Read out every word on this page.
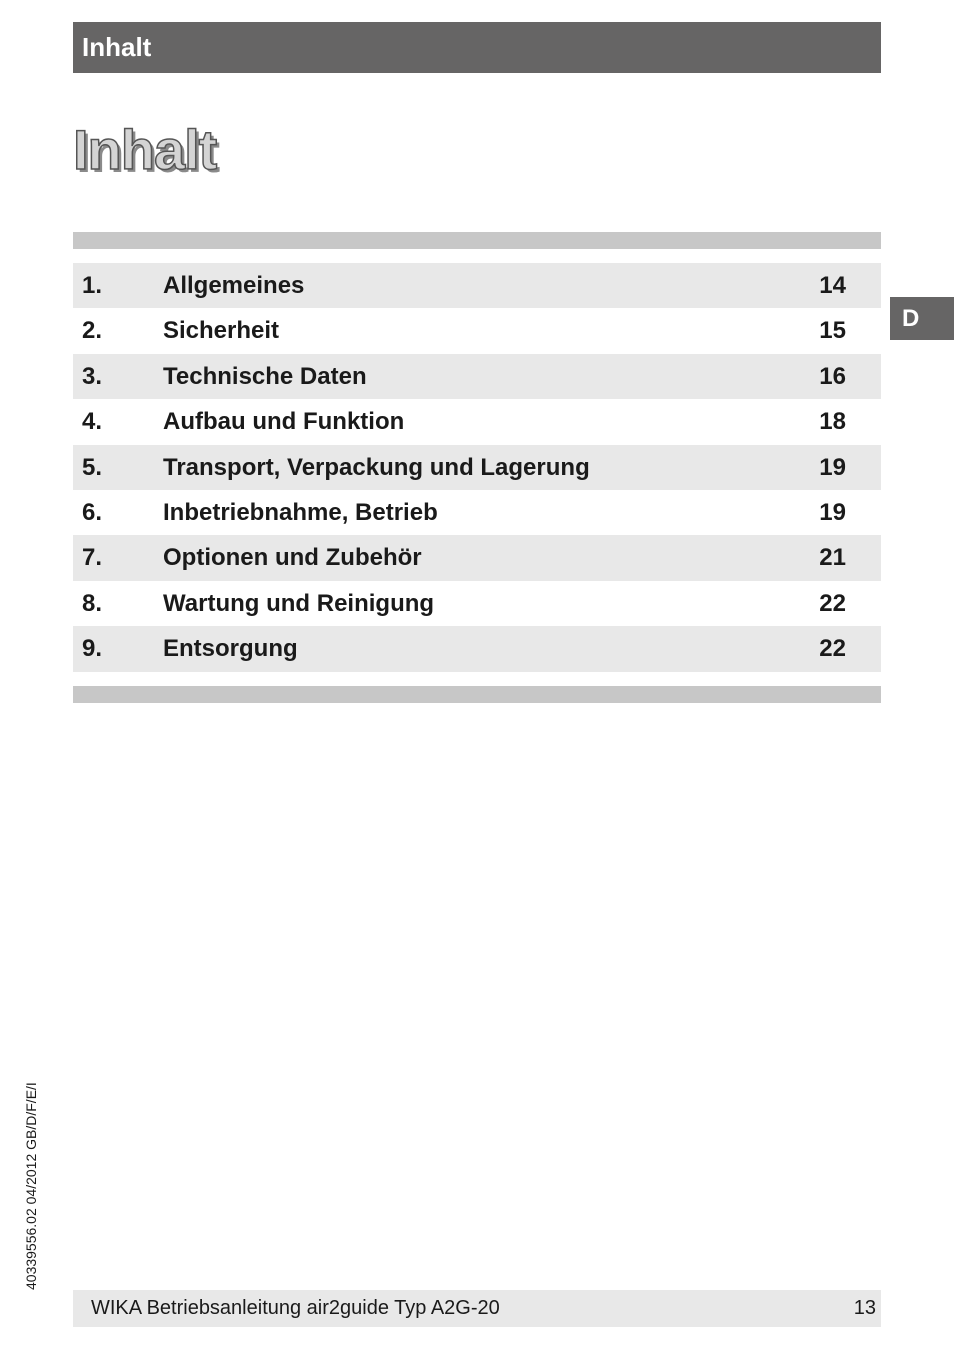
Inhalt
Inhalt
1.	Allgemeines	14
2.	Sicherheit	15
3.	Technische Daten	16
4.	Aufbau und Funktion	18
5.	Transport, Verpackung und Lagerung	19
6.	Inbetriebnahme, Betrieb	19
7.	Optionen und Zubehör	21
8.	Wartung und Reinigung	22
9.	Entsorgung	22
D
40339556.02 04/2012 GB/D/F/E/I
WIKA Betriebsanleitung air2guide Typ A2G-20	13
